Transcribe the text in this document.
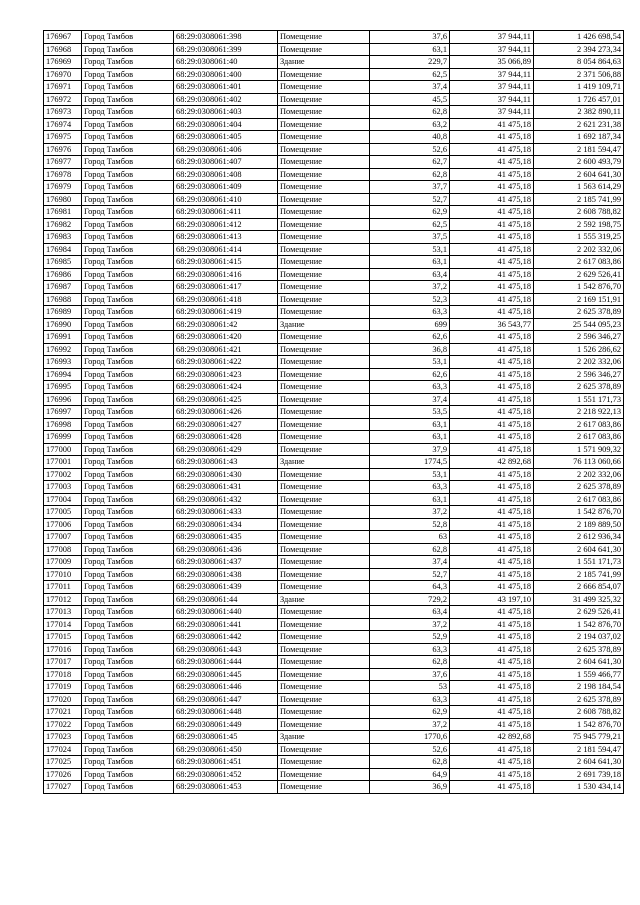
176967	Город Тамбов	68:29:0308061:398	Помещение	37,6	37 944,11	1 426 698,54
176968	Город Тамбов	68:29:0308061:399	Помещение	63,1	37 944,11	2 394 273,34
176969	Город Тамбов	68:29:0308061:40	Здание	229,7	35 066,89	8 054 864,63
176970	Город Тамбов	68:29:0308061:400	Помещение	62,5	37 944,11	2 371 506,88
176971	Город Тамбов	68:29:0308061:401	Помещение	37,4	37 944,11	1 419 109,71
176972	Город Тамбов	68:29:0308061:402	Помещение	45,5	37 944,11	1 726 457,01
176973	Город Тамбов	68:29:0308061:403	Помещение	62,8	37 944,11	2 382 890,11
176974	Город Тамбов	68:29:0308061:404	Помещение	63,2	41 475,18	2 621 231,38
176975	Город Тамбов	68:29:0308061:405	Помещение	40,8	41 475,18	1 692 187,34
176976	Город Тамбов	68:29:0308061:406	Помещение	52,6	41 475,18	2 181 594,47
176977	Город Тамбов	68:29:0308061:407	Помещение	62,7	41 475,18	2 600 493,79
176978	Город Тамбов	68:29:0308061:408	Помещение	62,8	41 475,18	2 604 641,30
176979	Город Тамбов	68:29:0308061:409	Помещение	37,7	41 475,18	1 563 614,29
176980	Город Тамбов	68:29:0308061:410	Помещение	52,7	41 475,18	2 185 741,99
176981	Город Тамбов	68:29:0308061:411	Помещение	62,9	41 475,18	2 608 788,82
176982	Город Тамбов	68:29:0308061:412	Помещение	62,5	41 475,18	2 592 198,75
176983	Город Тамбов	68:29:0308061:413	Помещение	37,5	41 475,18	1 555 319,25
176984	Город Тамбов	68:29:0308061:414	Помещение	53,1	41 475,18	2 202 332,06
176985	Город Тамбов	68:29:0308061:415	Помещение	63,1	41 475,18	2 617 083,86
176986	Город Тамбов	68:29:0308061:416	Помещение	63,4	41 475,18	2 629 526,41
176987	Город Тамбов	68:29:0308061:417	Помещение	37,2	41 475,18	1 542 876,70
176988	Город Тамбов	68:29:0308061:418	Помещение	52,3	41 475,18	2 169 151,91
176989	Город Тамбов	68:29:0308061:419	Помещение	63,3	41 475,18	2 625 378,89
176990	Город Тамбов	68:29:0308061:42	Здание	699	36 543,77	25 544 095,23
176991	Город Тамбов	68:29:0308061:420	Помещение	62,6	41 475,18	2 596 346,27
176992	Город Тамбов	68:29:0308061:421	Помещение	36,8	41 475,18	1 526 286,62
176993	Город Тамбов	68:29:0308061:422	Помещение	53,1	41 475,18	2 202 332,06
176994	Город Тамбов	68:29:0308061:423	Помещение	62,6	41 475,18	2 596 346,27
176995	Город Тамбов	68:29:0308061:424	Помещение	63,3	41 475,18	2 625 378,89
176996	Город Тамбов	68:29:0308061:425	Помещение	37,4	41 475,18	1 551 171,73
176997	Город Тамбов	68:29:0308061:426	Помещение	53,5	41 475,18	2 218 922,13
176998	Город Тамбов	68:29:0308061:427	Помещение	63,1	41 475,18	2 617 083,86
176999	Город Тамбов	68:29:0308061:428	Помещение	63,1	41 475,18	2 617 083,86
177000	Город Тамбов	68:29:0308061:429	Помещение	37,9	41 475,18	1 571 909,32
177001	Город Тамбов	68:29:0308061:43	Здание	1774,5	42 892,68	76 113 060,66
177002	Город Тамбов	68:29:0308061:430	Помещение	53,1	41 475,18	2 202 332,06
177003	Город Тамбов	68:29:0308061:431	Помещение	63,3	41 475,18	2 625 378,89
177004	Город Тамбов	68:29:0308061:432	Помещение	63,1	41 475,18	2 617 083,86
177005	Город Тамбов	68:29:0308061:433	Помещение	37,2	41 475,18	1 542 876,70
177006	Город Тамбов	68:29:0308061:434	Помещение	52,8	41 475,18	2 189 889,50
177007	Город Тамбов	68:29:0308061:435	Помещение	63	41 475,18	2 612 936,34
177008	Город Тамбов	68:29:0308061:436	Помещение	62,8	41 475,18	2 604 641,30
177009	Город Тамбов	68:29:0308061:437	Помещение	37,4	41 475,18	1 551 171,73
177010	Город Тамбов	68:29:0308061:438	Помещение	52,7	41 475,18	2 185 741,99
177011	Город Тамбов	68:29:0308061:439	Помещение	64,3	41 475,18	2 666 854,07
177012	Город Тамбов	68:29:0308061:44	Здание	729,2	43 197,10	31 499 325,32
177013	Город Тамбов	68:29:0308061:440	Помещение	63,4	41 475,18	2 629 526,41
177014	Город Тамбов	68:29:0308061:441	Помещение	37,2	41 475,18	1 542 876,70
177015	Город Тамбов	68:29:0308061:442	Помещение	52,9	41 475,18	2 194 037,02
177016	Город Тамбов	68:29:0308061:443	Помещение	63,3	41 475,18	2 625 378,89
177017	Город Тамбов	68:29:0308061:444	Помещение	62,8	41 475,18	2 604 641,30
177018	Город Тамбов	68:29:0308061:445	Помещение	37,6	41 475,18	1 559 466,77
177019	Город Тамбов	68:29:0308061:446	Помещение	53	41 475,18	2 198 184,54
177020	Город Тамбов	68:29:0308061:447	Помещение	63,3	41 475,18	2 625 378,89
177021	Город Тамбов	68:29:0308061:448	Помещение	62,9	41 475,18	2 608 788,82
177022	Город Тамбов	68:29:0308061:449	Помещение	37,2	41 475,18	1 542 876,70
177023	Город Тамбов	68:29:0308061:45	Здание	1770,6	42 892,68	75 945 779,21
177024	Город Тамбов	68:29:0308061:450	Помещение	52,6	41 475,18	2 181 594,47
177025	Город Тамбов	68:29:0308061:451	Помещение	62,8	41 475,18	2 604 641,30
177026	Город Тамбов	68:29:0308061:452	Помещение	64,9	41 475,18	2 691 739,18
177027	Город Тамбов	68:29:0308061:453	Помещение	36,9	41 475,18	1 530 434,14
